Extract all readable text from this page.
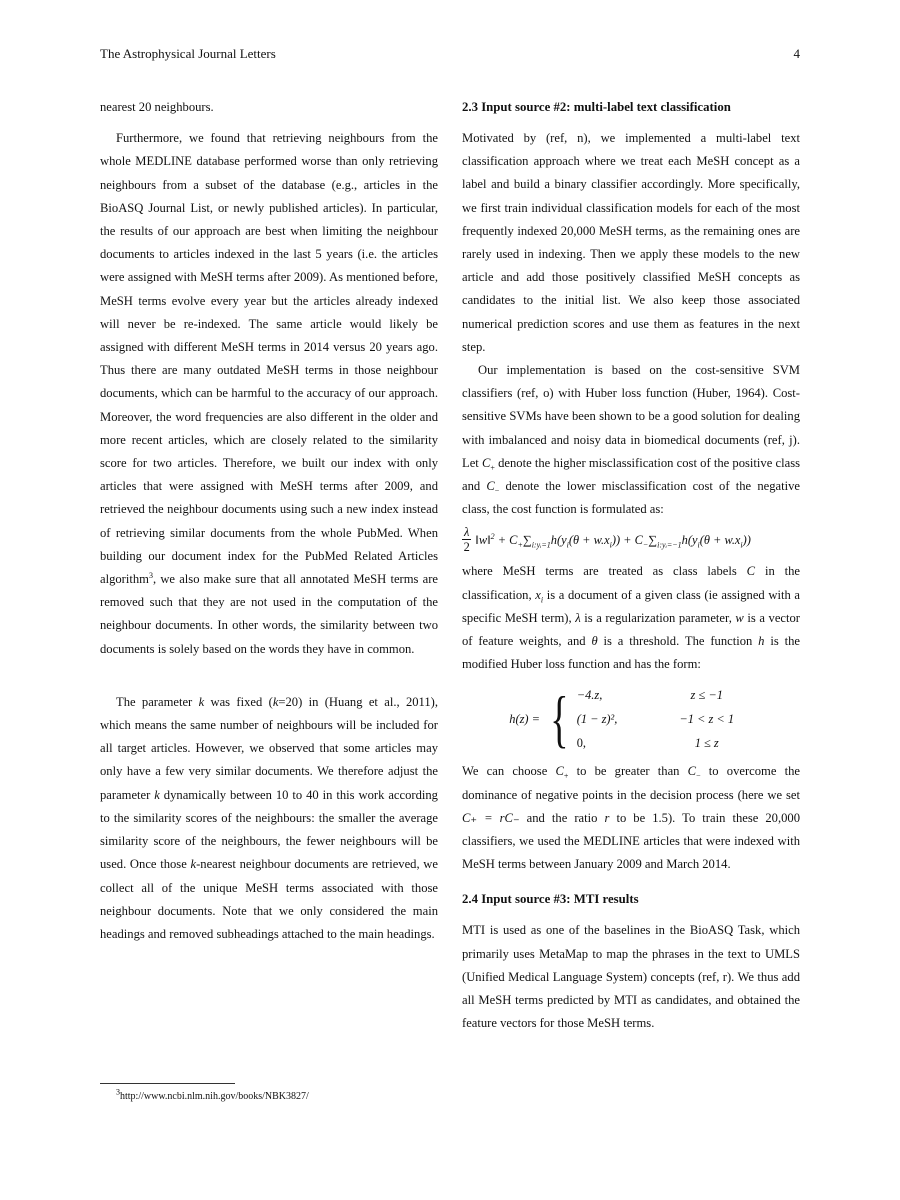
The Astrophysical Journal Letters	4

nearest 20 neighbours.

Furthermore, we found that retrieving neighbours from the whole MEDLINE database performed worse than only retrieving neighbours from a subset of the database (e.g., articles in the BioASQ Journal List, or newly published articles). In particular, the results of our approach are best when limiting the neighbour documents to articles indexed in the last 5 years (i.e. the articles were assigned with MeSH terms after 2009). As mentioned before, MeSH terms evolve every year but the articles already indexed will never be re-indexed. The same article would likely be assigned with different MeSH terms in 2014 versus 20 years ago. Thus there are many outdated MeSH terms in those neighbour documents, which can be harmful to the accuracy of our approach. Moreover, the word frequencies are also different in the older and more recent articles, which are closely related to the similarity score for two articles. Therefore, we built our index with only articles that were assigned with MeSH terms after 2009, and retrieved the neighbour documents using such a new index instead of retrieving similar documents from the whole PubMed. When building our document index for the PubMed Related Articles algorithm$^3$, we also make sure that all annotated MeSH terms are removed such that they are not used in the computation of the neighbour documents. In other words, the similarity between two documents is solely based on the words they have in common.

The parameter k was fixed (k=20) in (Huang et al., 2011), which means the same number of neighbours will be included for all target articles. However, we observed that some articles may only have a few very similar documents. We therefore adjust the parameter k dynamically between 10 to 40 in this work according to the similarity scores of the neighbours: the smaller the average similarity score of the neighbours, the fewer neighbours will be used. Once those k-nearest neighbour documents are retrieved, we collect all of the unique MeSH terms associated with those neighbour documents. Note that we only considered the main headings and removed subheadings attached to the main headings.

2.3 Input source #2: multi-label text classification

Motivated by (ref, n), we implemented a multi-label text classification approach where we treat each MeSH concept as a label and build a binary classifier accordingly. More specifically, we first train individual classification models for each of the most frequently indexed 20,000 MeSH terms, as the remaining ones are rarely used in indexing. Then we apply these models to the new article and add those positively classified MeSH concepts as candidates to the initial list. We also keep those associated numerical prediction scores and use them as features in the next step.

Our implementation is based on the cost-sensitive SVM classifiers (ref, o) with Huber loss function (Huber, 1964). Cost-sensitive SVMs have been shown to be a good solution for dealing with imbalanced and noisy data in biomedical documents (ref, j). Let $C_+$ denote the higher misclassification cost of the positive class and $C_-$ denote the lower misclassification cost of the negative class, the cost function is formulated as:

$\frac{\lambda}{2}$ ‖w‖$^2$ + $C_+\sum_{i:yᵢ=1}h(y_i(\theta + w.x_i)) + C_-\sum_{i:yᵢ=-1}h(y_i(\theta + w.x_i))$

where MeSH terms are treated as class labels C in the classification, $x_i$ is a document of a given class (ie assigned with a specific MeSH term), λ is a regularization parameter, w is a vector of feature weights, and θ is a threshold. The function h is the modified Huber loss function and has the form:

h(z) = { −4.z,	z ≤ −1
(1 − z)²,	−1 < z < 1
0,	1 ≤ z

We can choose $C_+$ to be greater than $C_-$ to overcome the dominance of negative points in the decision process (here we set C₊ = rC₋ and the ratio r to be 1.5). To train these 20,000 classifiers, we used the MEDLINE articles that were indexed with MeSH terms between January 2009 and March 2014.

2.4 Input source #3: MTI results

MTI is used as one of the baselines in the BioASQ Task, which primarily uses MetaMap to map the phrases in the text to UMLS (Unified Medical Language System) concepts (ref, r). We thus add all MeSH terms predicted by MTI as candidates, and obtained the feature vectors for those MeSH terms.

$^3$http://www.ncbi.nlm.nih.gov/books/NBK3827/
